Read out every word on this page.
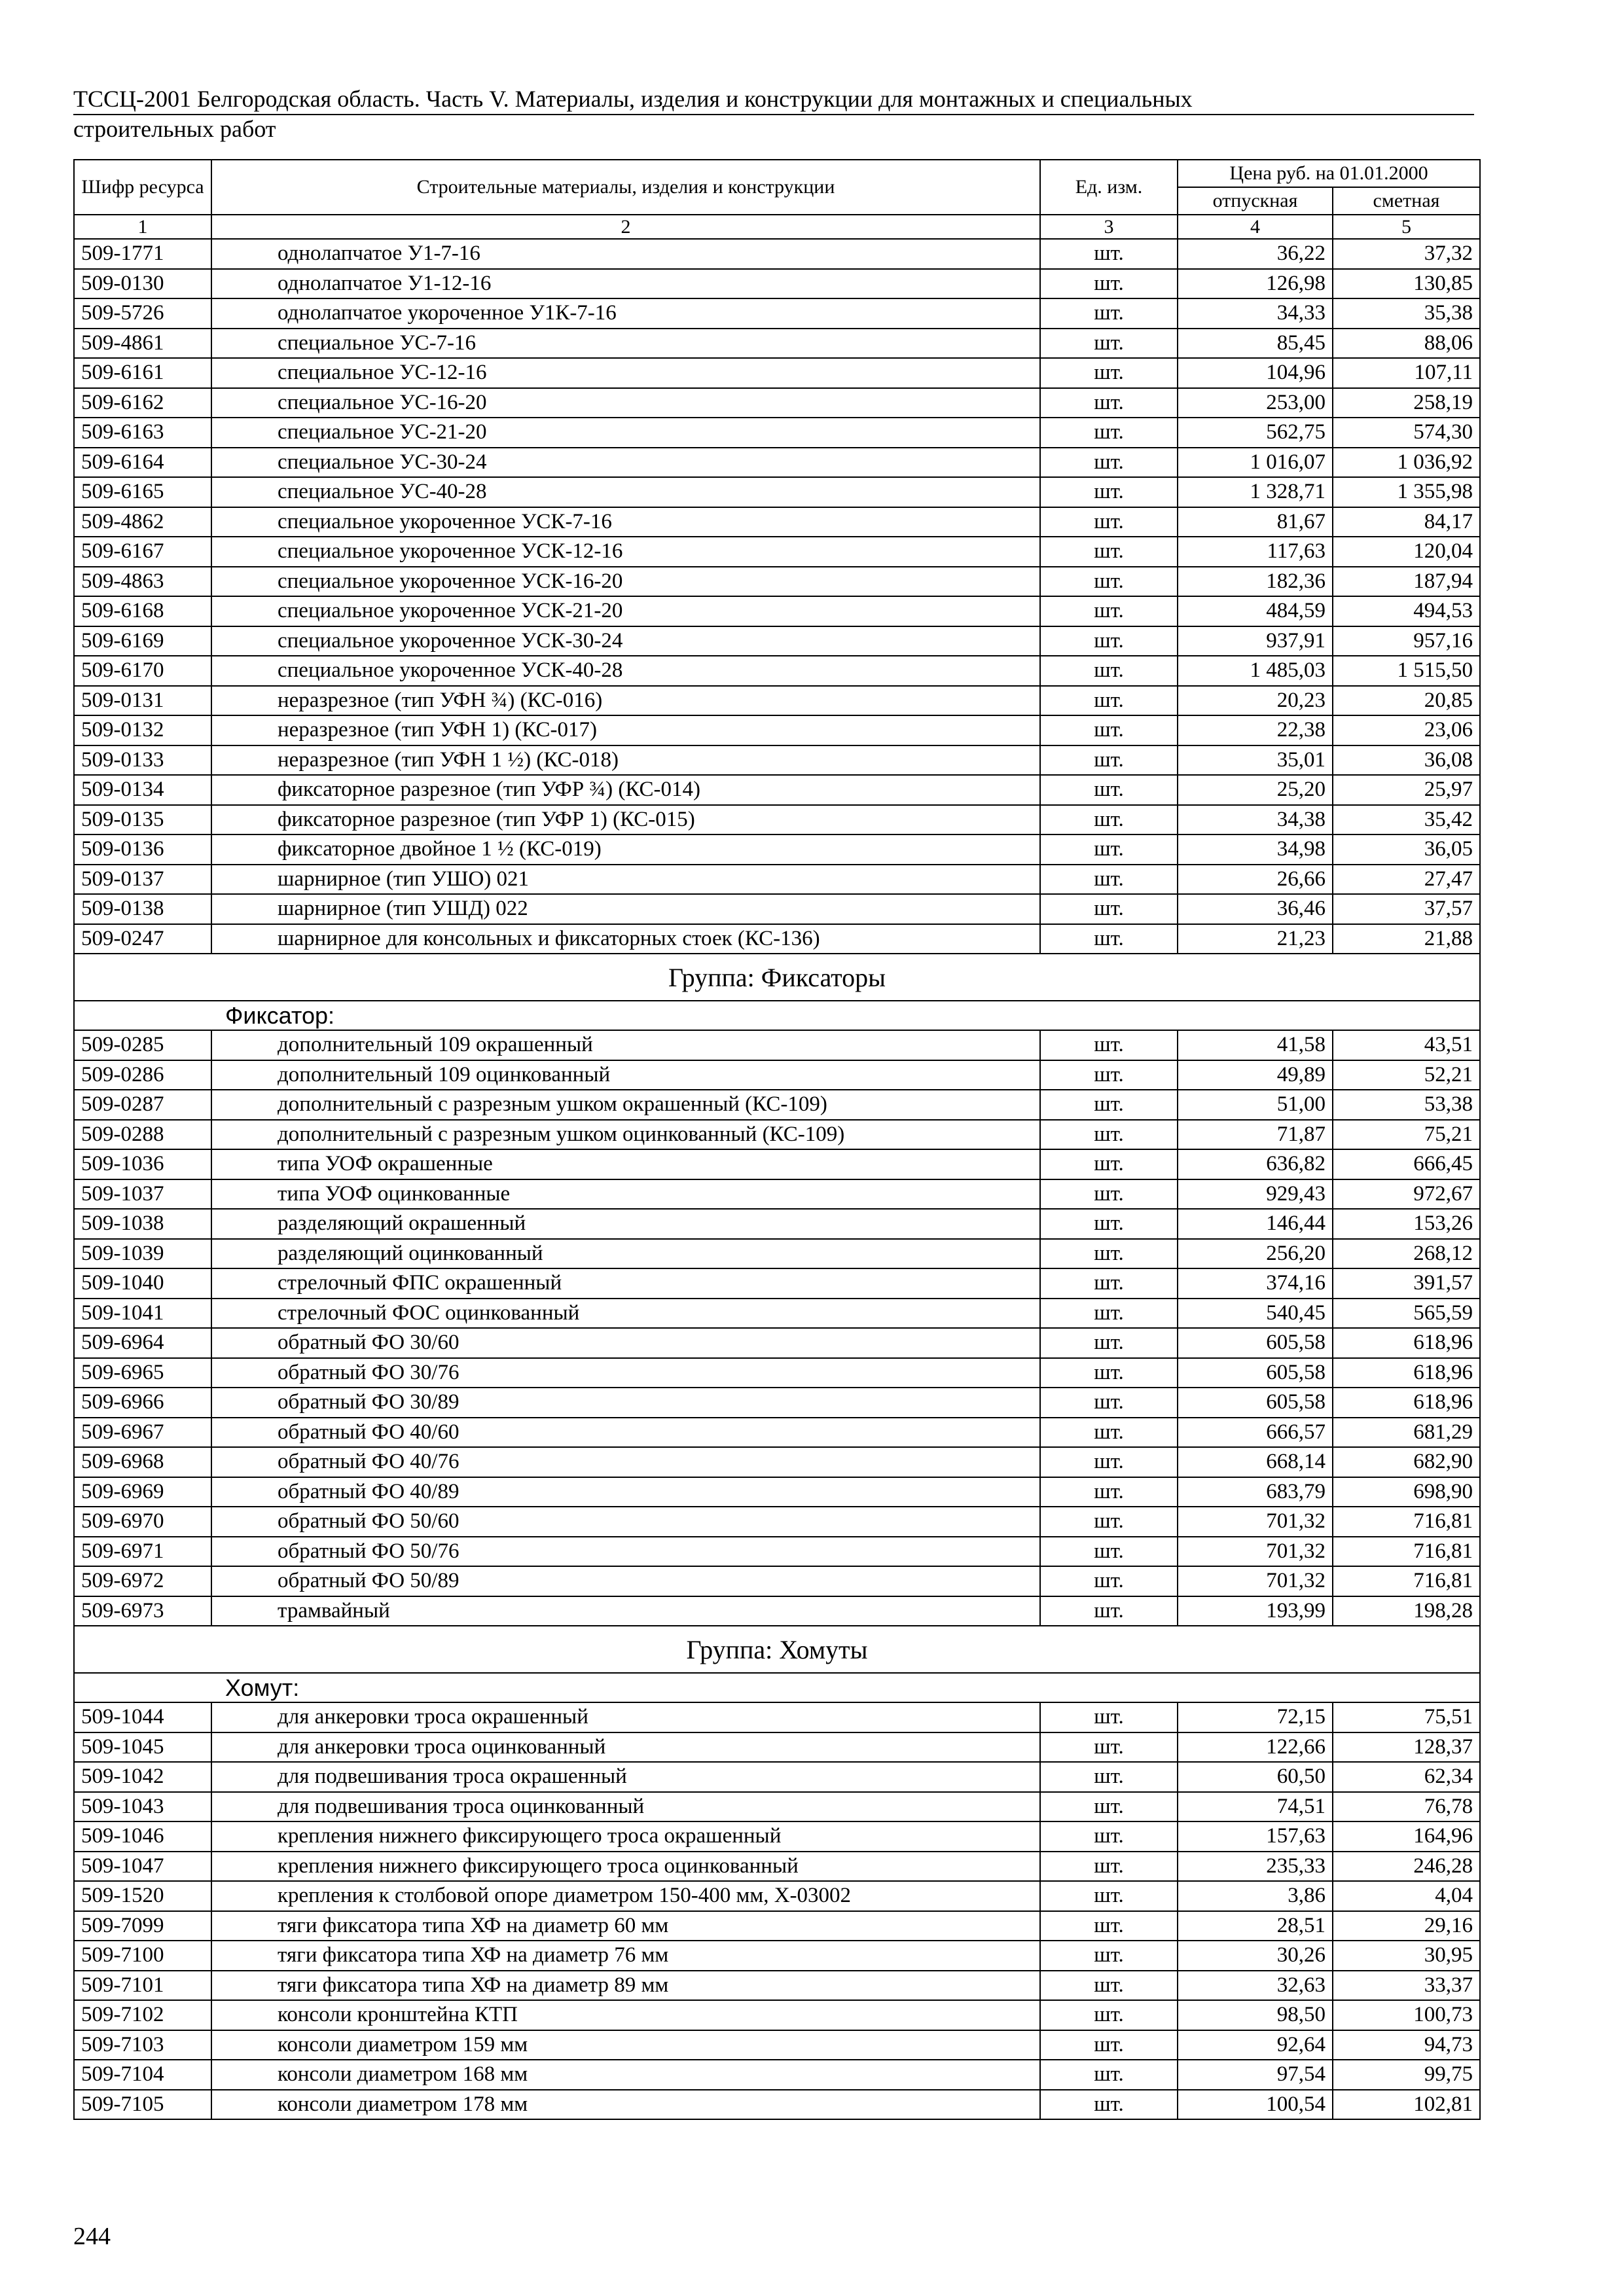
ТССЦ-2001 Белгородская область. Часть V. Материалы, изделия и конструкции для монтажных и специальных
строительных работ
Шифр ресурса	Строительные материалы, изделия и конструкции	Ед. изм.	Цена руб. на 01.01.2000	
			отпускная	сметная
1	2	3	4	5
509-1771	однолапчатое У1-7-16	шт.	36,22	37,32
509-0130	однолапчатое У1-12-16	шт.	126,98	130,85
509-5726	однолапчатое укороченное У1К-7-16	шт.	34,33	35,38
509-4861	специальное УС-7-16	шт.	85,45	88,06
509-6161	специальное УС-12-16	шт.	104,96	107,11
509-6162	специальное УС-16-20	шт.	253,00	258,19
509-6163	специальное УС-21-20	шт.	562,75	574,30
509-6164	специальное УС-30-24	шт.	1 016,07	1 036,92
509-6165	специальное УС-40-28	шт.	1 328,71	1 355,98
509-4862	специальное укороченное УСК-7-16	шт.	81,67	84,17
509-6167	специальное укороченное УСК-12-16	шт.	117,63	120,04
509-4863	специальное укороченное УСК-16-20	шт.	182,36	187,94
509-6168	специальное укороченное УСК-21-20	шт.	484,59	494,53
509-6169	специальное укороченное УСК-30-24	шт.	937,91	957,16
509-6170	специальное укороченное УСК-40-28	шт.	1 485,03	1 515,50
509-0131	неразрезное (тип УФН ¾) (КС-016)	шт.	20,23	20,85
509-0132	неразрезное (тип УФН 1) (КС-017)	шт.	22,38	23,06
509-0133	неразрезное (тип УФН 1 ½) (КС-018)	шт.	35,01	36,08
509-0134	фиксаторное разрезное (тип УФР ¾) (КС-014)	шт.	25,20	25,97
509-0135	фиксаторное разрезное (тип УФР 1) (КС-015)	шт.	34,38	35,42
509-0136	фиксаторное двойное 1 ½ (КС-019)	шт.	34,98	36,05
509-0137	шарнирное (тип УШО) 021	шт.	26,66	27,47
509-0138	шарнирное (тип УШД) 022	шт.	36,46	37,57
509-0247	шарнирное для консольных и фиксаторных стоек (КС-136)	шт.	21,23	21,88
Группа: Фиксаторы				
Фиксатор:				
509-0285	дополнительный 109 окрашенный	шт.	41,58	43,51
509-0286	дополнительный 109 оцинкованный	шт.	49,89	52,21
509-0287	дополнительный с разрезным ушком окрашенный (КС-109)	шт.	51,00	53,38
509-0288	дополнительный с разрезным ушком оцинкованный (КС-109)	шт.	71,87	75,21
509-1036	типа УОФ окрашенные	шт.	636,82	666,45
509-1037	типа УОФ оцинкованные	шт.	929,43	972,67
509-1038	разделяющий окрашенный	шт.	146,44	153,26
509-1039	разделяющий оцинкованный	шт.	256,20	268,12
509-1040	стрелочный ФПС окрашенный	шт.	374,16	391,57
509-1041	стрелочный ФОС оцинкованный	шт.	540,45	565,59
509-6964	обратный ФО 30/60	шт.	605,58	618,96
509-6965	обратный ФО 30/76	шт.	605,58	618,96
509-6966	обратный ФО 30/89	шт.	605,58	618,96
509-6967	обратный ФО 40/60	шт.	666,57	681,29
509-6968	обратный ФО 40/76	шт.	668,14	682,90
509-6969	обратный ФО 40/89	шт.	683,79	698,90
509-6970	обратный ФО 50/60	шт.	701,32	716,81
509-6971	обратный ФО 50/76	шт.	701,32	716,81
509-6972	обратный ФО 50/89	шт.	701,32	716,81
509-6973	трамвайный	шт.	193,99	198,28
Группа: Хомуты				
Хомут:				
509-1044	для анкеровки троса окрашенный	шт.	72,15	75,51
509-1045	для анкеровки троса оцинкованный	шт.	122,66	128,37
509-1042	для подвешивания троса окрашенный	шт.	60,50	62,34
509-1043	для подвешивания троса оцинкованный	шт.	74,51	76,78
509-1046	крепления нижнего фиксирующего троса окрашенный	шт.	157,63	164,96
509-1047	крепления нижнего фиксирующего троса оцинкованный	шт.	235,33	246,28
509-1520	крепления к столбовой опоре диаметром 150-400 мм, Х-03002	шт.	3,86	4,04
509-7099	тяги фиксатора типа ХФ на диаметр 60 мм	шт.	28,51	29,16
509-7100	тяги фиксатора типа ХФ на диаметр 76 мм	шт.	30,26	30,95
509-7101	тяги фиксатора типа ХФ на диаметр 89 мм	шт.	32,63	33,37
509-7102	консоли кронштейна КТП	шт.	98,50	100,73
509-7103	консоли диаметром 159 мм	шт.	92,64	94,73
509-7104	консоли диаметром 168 мм	шт.	97,54	99,75
509-7105	консоли диаметром 178 мм	шт.	100,54	102,81
244
